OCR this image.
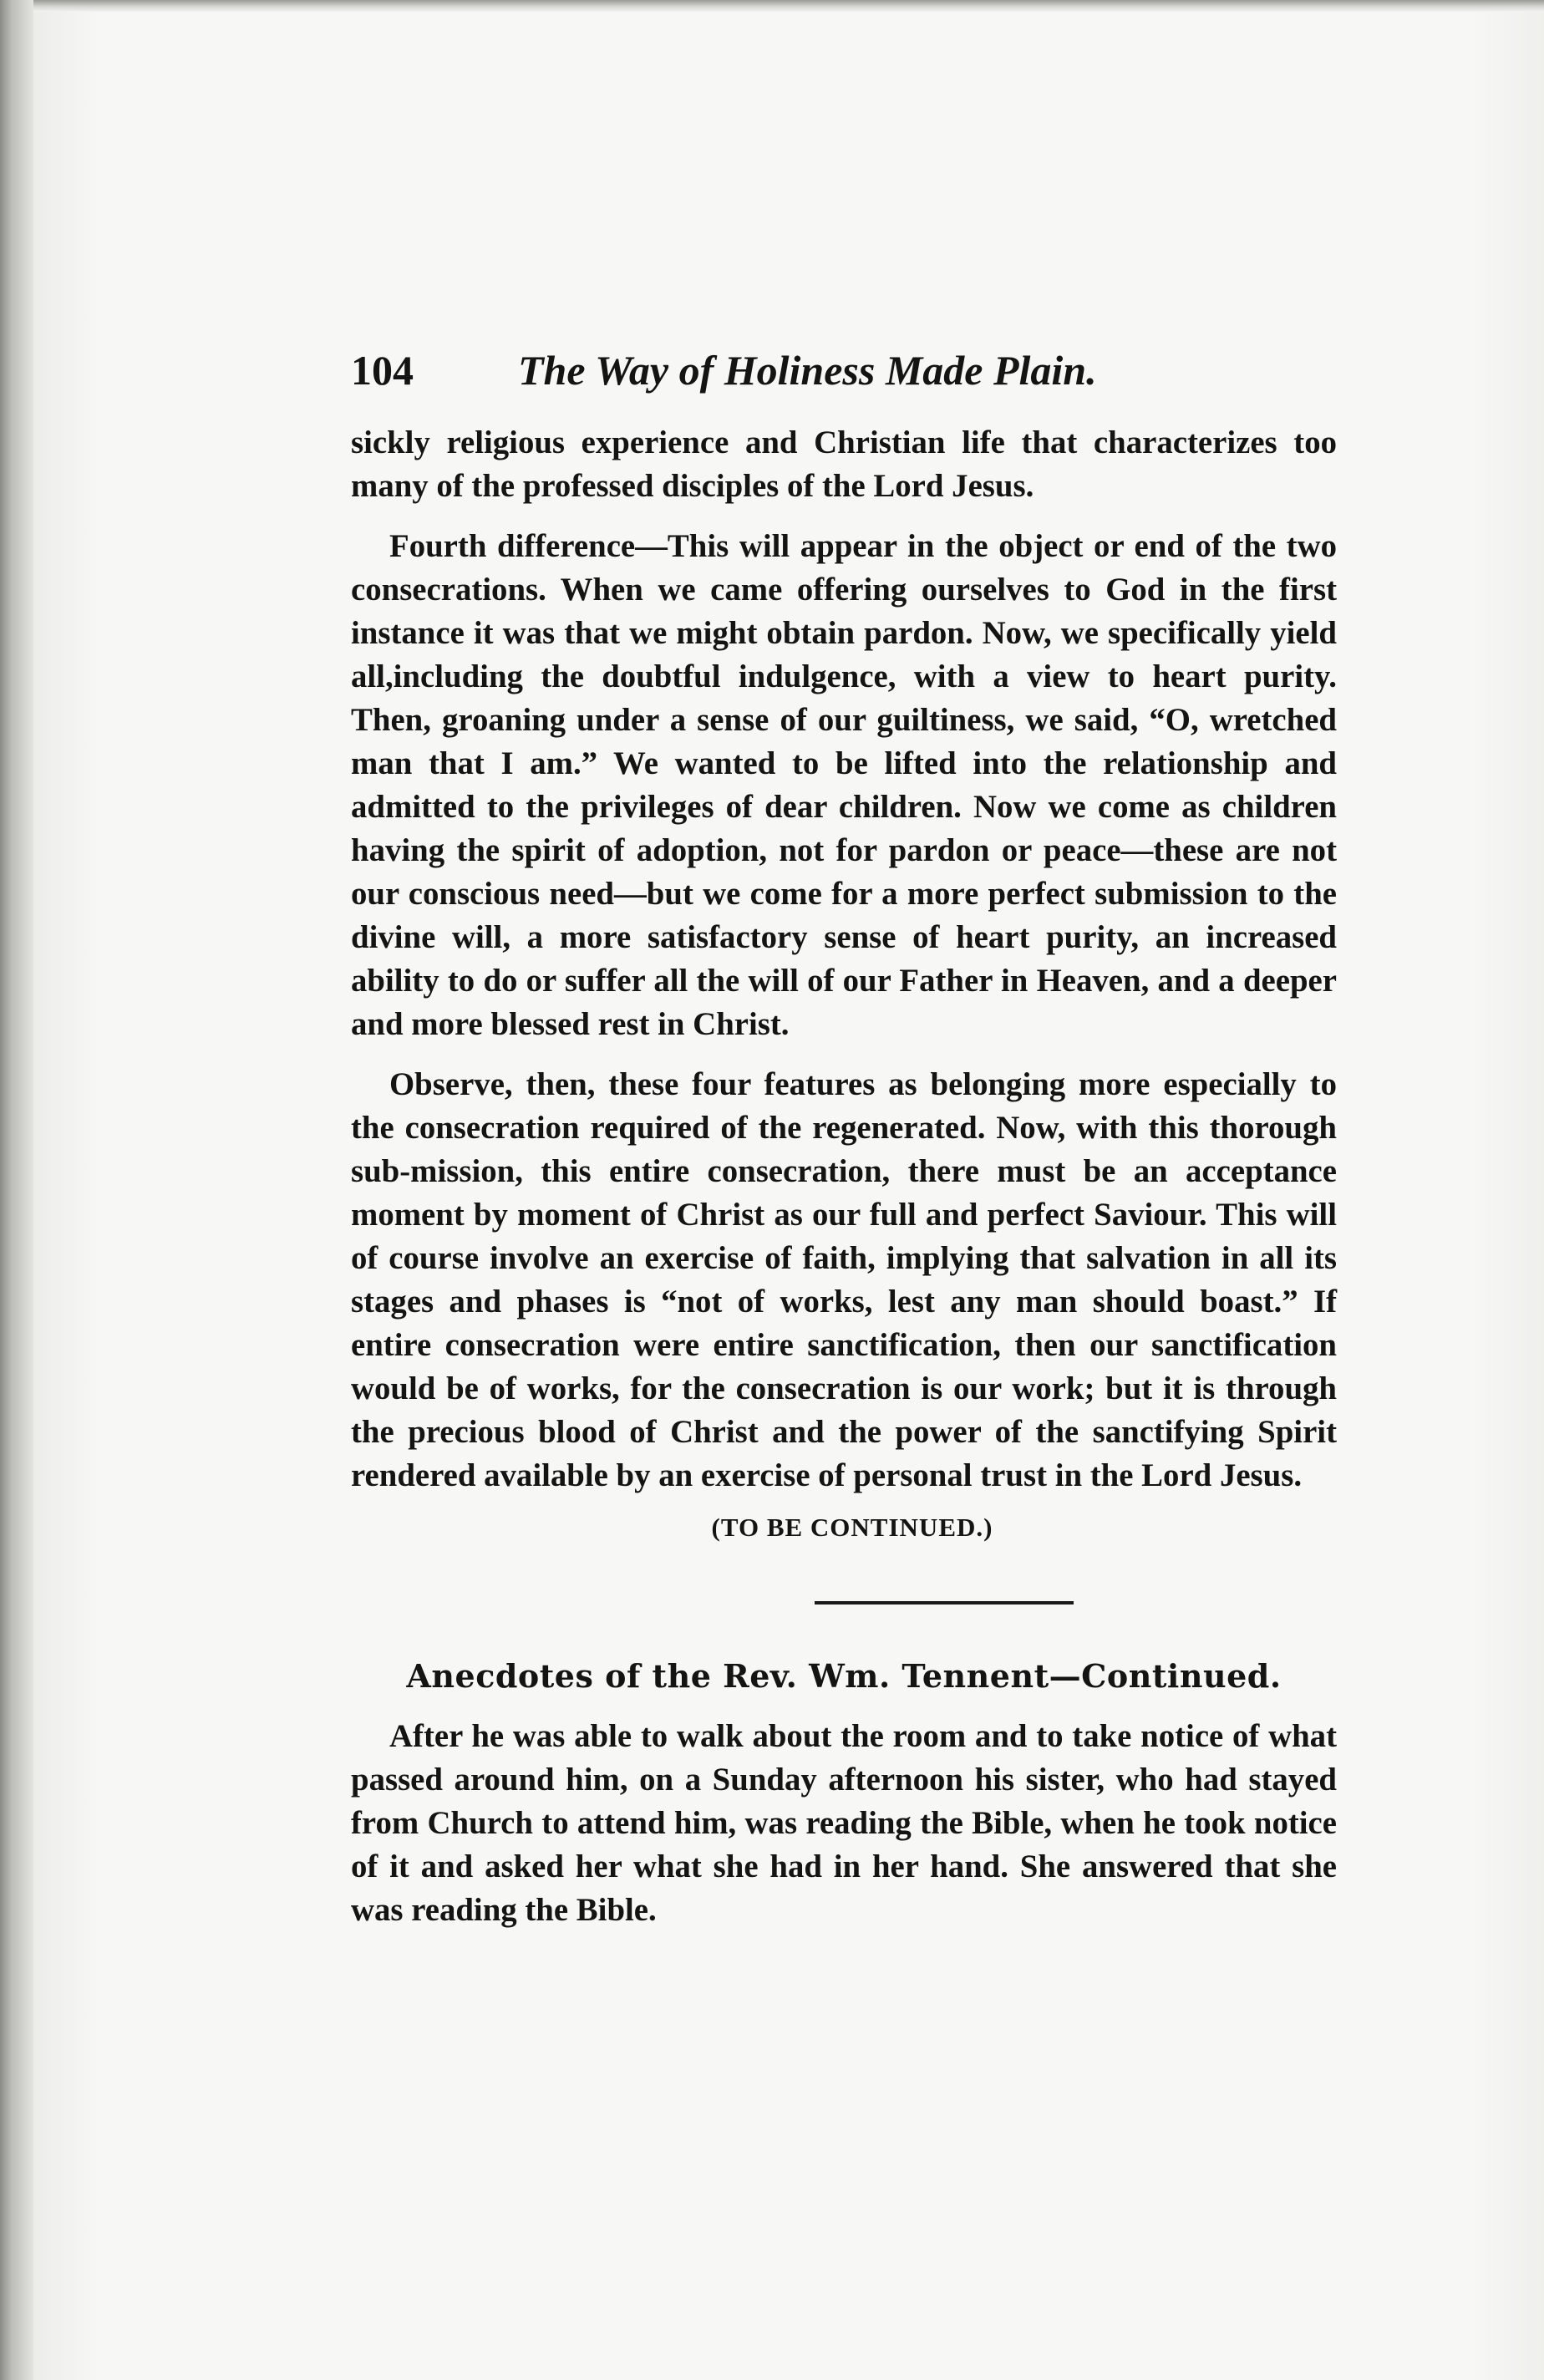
104	The Way of Holiness Made Plain.

sickly religious experience and Christian life that characterizes too many of the professed disciples of the Lord Jesus.

Fourth difference—This will appear in the object or end of the two consecrations. When we came offering ourselves to God in the first instance it was that we might obtain pardon. Now, we specifically yield all,including the doubtful indulgence, with a view to heart purity. Then, groaning under a sense of our guiltiness, we said, “O, wretched man that I am.” We wanted to be lifted into the relationship and admitted to the privileges of dear children. Now we come as children having the spirit of adoption, not for pardon or peace—these are not our conscious need—but we come for a more perfect submission to the divine will, a more satisfactory sense of heart purity, an increased ability to do or suffer all the will of our Father in Heaven, and a deeper and more blessed rest in Christ.

Observe, then, these four features as belonging more especially to the consecration required of the regenerated. Now, with this thorough sub-mission, this entire consecration, there must be an acceptance moment by moment of Christ as our full and perfect Saviour. This will of course involve an exercise of faith, implying that salvation in all its stages and phases is “not of works, lest any man should boast.” If entire consecration were entire sanctification, then our sanctification would be of works, for the consecration is our work; but it is through the precious blood of Christ and the power of the sanctifying Spirit rendered available by an exercise of personal trust in the Lord Jesus.

(TO BE CONTINUED.)
Anecdotes of the Rev. Wm. Tennent—Continued.

After he was able to walk about the room and to take notice of what passed around him, on a Sunday afternoon his sister, who had stayed from Church to attend him, was reading the Bible, when he took notice of it and asked her what she had in her hand. She answered that she was reading the Bible.
